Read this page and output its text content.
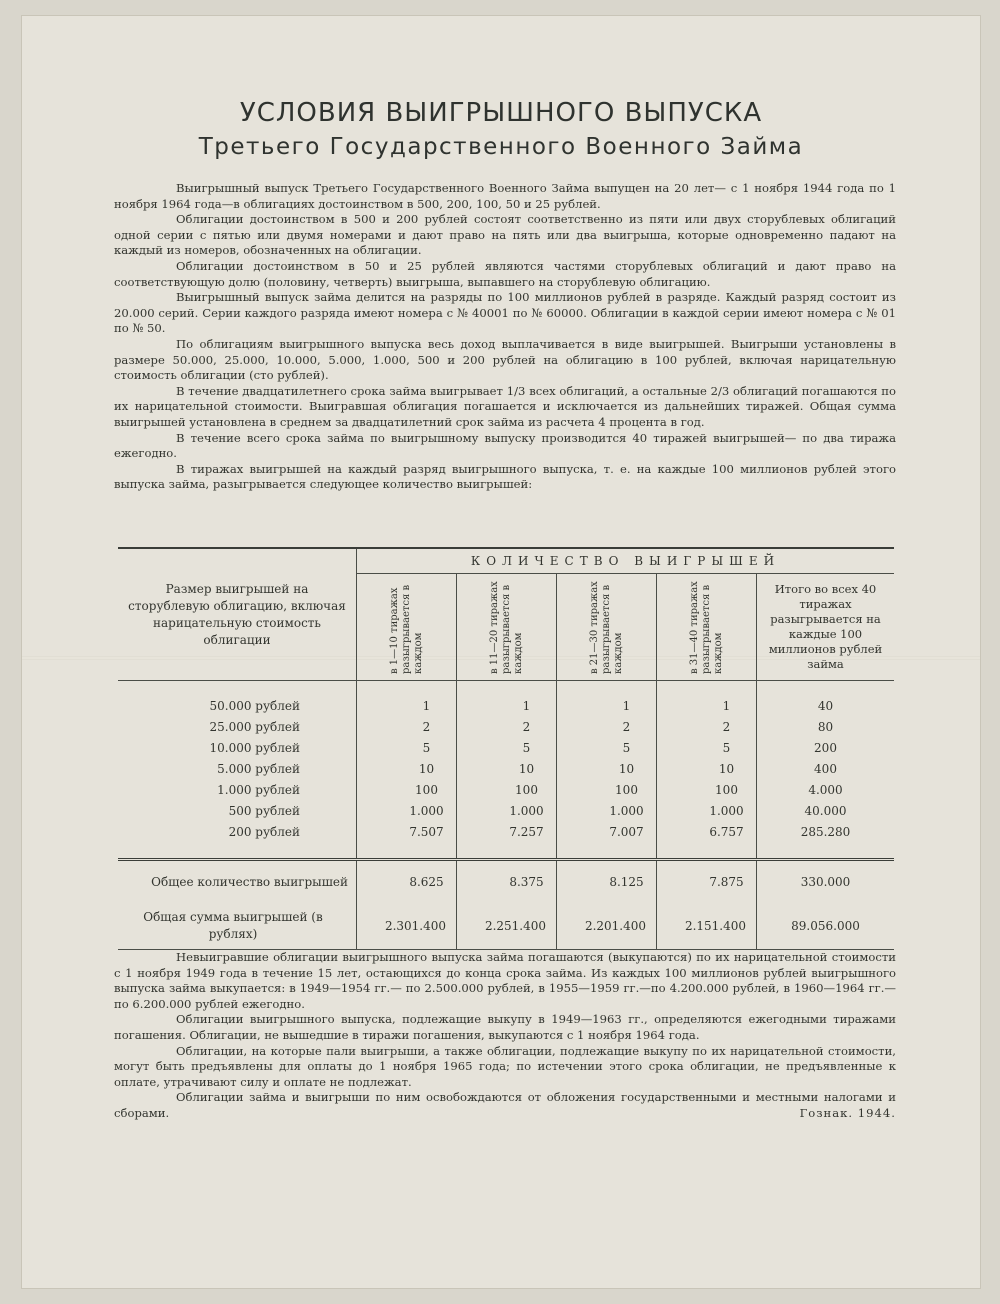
УСЛОВИЯ ВЫИГРЫШНОГО ВЫПУСКА
Третьего Государственного Военного Займа

Выигрышный выпуск Третьего Государственного Военного Займа выпущен на 20 лет— с 1 ноября 1944 года по 1 ноября 1964 года—в облигациях достоинством в 500, 200, 100, 50 и 25 рублей.

Облигации достоинством в 500 и 200 рублей состоят соответственно из пяти или двух сторублевых облигаций одной серии с пятью или двумя номерами и дают право на пять или два выигрыша, которые одновременно падают на каждый из номеров, обозначенных на облигации.

Облигации достоинством в 50 и 25 рублей являются частями сторублевых облигаций и дают право на соответствующую долю (половину, четверть) выигрыша, выпавшего на сторублевую облигацию.

Выигрышный выпуск займа делится на разряды по 100 миллионов рублей в разряде. Каждый разряд состоит из 20.000 серий. Серии каждого разряда имеют номера с № 40001 по № 60000. Облигации в каждой серии имеют номера с № 01 по № 50.

По облигациям выигрышного выпуска весь доход выплачивается в виде выигрышей. Выигрыши установлены в размере 50.000, 25.000, 10.000, 5.000, 1.000, 500 и 200 рублей на облигацию в 100 рублей, включая нарицательную стоимость облигации (сто рублей).

В течение двадцатилетнего срока займа выигрывает 1/3 всех облигаций, а остальные 2/3 облигаций погашаются по их нарицательной стоимости. Выигравшая облигация погашается и исключается из дальнейших тиражей. Общая сумма выигрышей установлена в среднем за двадцатилетний срок займа из расчета 4 процента в год.

В течение всего срока займа по выигрышному выпуску производится 40 тиражей выигрышей— по два тиража ежегодно.

В тиражах выигрышей на каждый разряд выигрышного выпуска, т. е. на каждые 100 миллионов рублей этого выпуска займа, разыгрывается следующее количество выигрышей:

Размер выигрышей на сторублевую облигацию, включая нарицательную стоимость облигации	КОЛИЧЕСТВО ВЫИГРЫШЕЙ				
	в 1—10 тиражах разыгрывается в каждом	в 11—20 тиражах разыгрывается в каждом	в 21—30 тиражах разыгрывается в каждом	в 31—40 тиражах разыгрывается в каждом	Итого во всех 40 тиражах разыгрывается на каждые 100 миллионов рублей займа
50.000 рублей	1	1	1	1	40
25.000 рублей	2	2	2	2	80
10.000 рублей	5	5	5	5	200
5.000 рублей	10	10	10	10	400
1.000 рублей	100	100	100	100	4.000
500 рублей	1.000	1.000	1.000	1.000	40.000
200 рублей	7.507	7.257	7.007	6.757	285.280

Общее количество выигрышей	8.625	8.375	8.125	7.875	330.000
Общая сумма выигрышей (в рублях)	2.301.400	2.251.400	2.201.400	2.151.400	89.056.000

Невыигравшие облигации выигрышного выпуска займа погашаются (выкупаются) по их нарицательной стоимости с 1 ноября 1949 года в течение 15 лет, остающихся до конца срока займа. Из каждых 100 миллионов рублей выигрышного выпуска займа выкупается: в 1949—1954 гг.— по 2.500.000 рублей, в 1955—1959 гг.—по 4.200.000 рублей, в 1960—1964 гг.—по 6.200.000 рублей ежегодно.

Облигации выигрышного выпуска, подлежащие выкупу в 1949—1963 гг., определяются ежегодными тиражами погашения. Облигации, не вышедшие в тиражи погашения, выкупаются с 1 ноября 1964 года.

Облигации, на которые пали выигрыши, а также облигации, подлежащие выкупу по их нарицательной стоимости, могут быть предъявлены для оплаты до 1 ноября 1965 года; по истечении этого срока облигации, не предъявленные к оплате, утрачивают силу и оплате не подлежат.

Облигации займа и выигрыши по ним освобождаются от обложения государственными и местными налогами и сборами.	Гознак. 1944.
